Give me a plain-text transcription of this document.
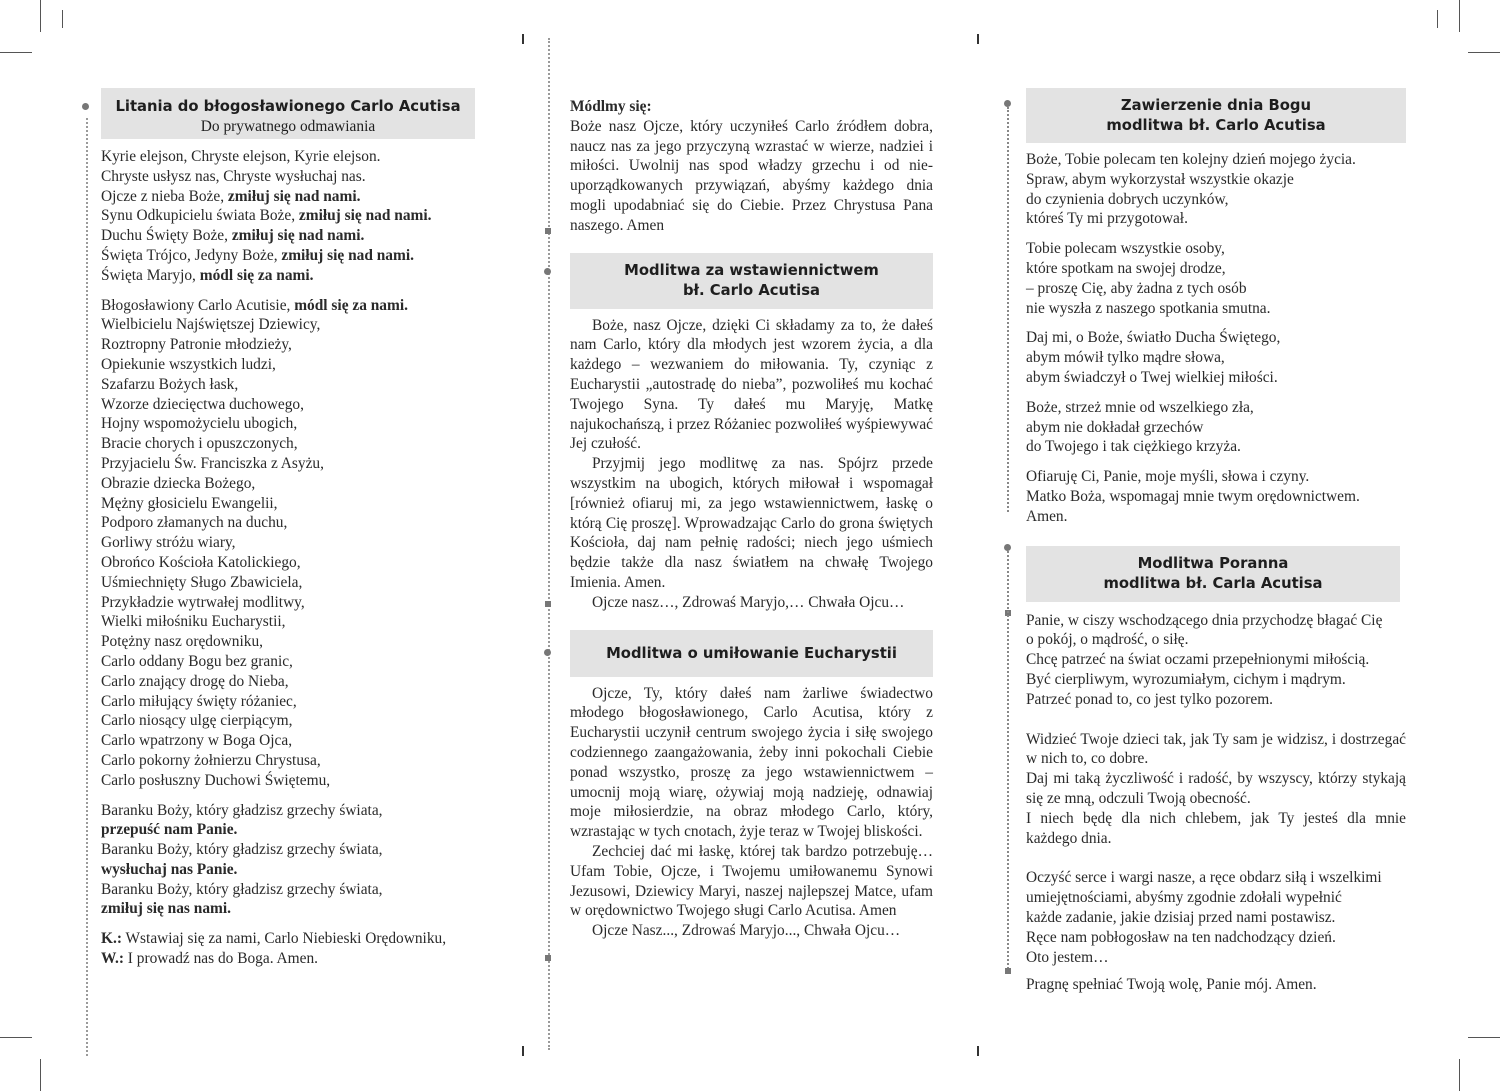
Litania do błogosławionego Carlo Acutisa
Do prywatnego odmawiania
Kyrie elejson, Chryste elejson, Kyrie elejson.
Chryste usłysz nas, Chryste wysłuchaj nas.
Ojcze z nieba Boże, zmiłuj się nad nami.
Synu Odkupicielu świata Boże, zmiłuj się nad nami.
Duchu Święty Boże, zmiłuj się nad nami.
Święta Trójco, Jedyny Boże, zmiłuj się nad nami.
Święta Maryjo, módl się za nami.
Błogosławiony Carlo Acutisie, módl się za nami.
Wielbicielu Najświętszej Dziewicy,
Roztropny Patronie młodzieży,
Opiekunie wszystkich ludzi,
Szafarzu Bożych łask,
Wzorze dziecięctwa duchowego,
Hojny wspomożycielu ubogich,
Bracie chorych i opuszczonych,
Przyjacielu Św. Franciszka z Asyżu,
Obrazie dziecka Bożego,
Mężny głosicielu Ewangelii,
Podporo złamanych na duchu,
Gorliwy stróżu wiary,
Obrońco Kościoła Katolickiego,
Uśmiechnięty Sługo Zbawiciela,
Przykładzie wytrwałej modlitwy,
Wielki miłośniku Eucharystii,
Potężny nasz orędowniku,
Carlo oddany Bogu bez granic,
Carlo znający drogę do Nieba,
Carlo miłujący święty różaniec,
Carlo niosący ulgę cierpiącym,
Carlo wpatrzony w Boga Ojca,
Carlo pokorny żołnierzu Chrystusa,
Carlo posłuszny Duchowi Świętemu,
Baranku Boży, który gładzisz grzechy świata,
przepuść nam Panie.
Baranku Boży, który gładzisz grzechy świata,
wysłuchaj nas Panie.
Baranku Boży, który gładzisz grzechy świata,
zmiłuj się nas nami.
K.: Wstawiaj się za nami, Carlo Niebieski Orędowniku,
W.: I prowadź nas do Boga. Amen.

Módlmy się:

Boże nasz Ojcze, który uczyniłeś Carlo źródłem dobra, naucz nas za jego przyczyną wzrastać w wierze, nadziei i miłości. Uwolnij nas spod władzy grzechu i od nie-uporządkowanych przywiązań, abyśmy każdego dnia mogli upodabniać się do Ciebie. Przez Chrystusa Pana naszego. Amen

Modlitwa za wstawiennictwem
bł. Carlo Acutisa

Boże, nasz Ojcze, dzięki Ci składamy za to, że dałeś nam Carlo, który dla młodych jest wzorem życia, a dla każdego – wezwaniem do miłowania. Ty, czyniąc z Eucharystii „autostradę do nieba”, pozwoliłeś mu kochać Twojego Syna. Ty dałeś mu Maryję, Matkę najukochańszą, i przez Różaniec pozwoliłeś wyśpiewywać Jej czułość.

Przyjmij jego modlitwę za nas. Spójrz przede wszystkim na ubogich, których miłował i wspomagał [również ofiaruj mi, za jego wstawiennictwem, łaskę o którą Cię proszę]. Wprowadzając Carlo do grona świętych Kościoła, daj nam pełnię radości; niech jego uśmiech będzie także dla nasz światłem na chwałę Twojego Imienia. Amen.

Ojcze nasz…, Zdrowaś Maryjo,… Chwała Ojcu…

Modlitwa o umiłowanie Eucharystii

Ojcze, Ty, który dałeś nam żarliwe świadectwo młodego błogosławionego, Carlo Acutisa, który z Eucharystii uczynił centrum swojego życia i siłę swojego codziennego zaangażowania, żeby inni pokochali Ciebie ponad wszystko, proszę za jego wstawiennictwem – umocnij moją wiarę, ożywiaj moją nadzieję, odnawiaj moje miłosierdzie, na obraz młodego Carlo, który, wzrastając w tych cnotach, żyje teraz w Twojej bliskości.

Zechciej dać mi łaskę, której tak bardzo potrzebuję… Ufam Tobie, Ojcze, i Twojemu umiłowanemu Synowi Jezusowi, Dziewicy Maryi, naszej najlepszej Matce, ufam w orędownictwo Twojego sługi Carlo Acutisa. Amen

Ojcze Nasz..., Zdrowaś Maryjo..., Chwała Ojcu…

Zawierzenie dnia Bogu
modlitwa bł. Carlo Acutisa
Boże, Tobie polecam ten kolejny dzień mojego życia.
Spraw, abym wykorzystał wszystkie okazje
do czynienia dobrych uczynków,
któreś Ty mi przygotował.
Tobie polecam wszystkie osoby,
które spotkam na swojej drodze,
– proszę Cię, aby żadna z tych osób
nie wyszła z naszego spotkania smutna.
Daj mi, o Boże, światło Ducha Świętego,
abym mówił tylko mądre słowa,
abym świadczył o Twej wielkiej miłości.
Boże, strzeż mnie od wszelkiego zła,
abym nie dokładał grzechów
do Twojego i tak ciężkiego krzyża.
Ofiaruję Ci, Panie, moje myśli, słowa i czyny.
Matko Boża, wspomagaj mnie twym orędownictwem.
Amen.
Modlitwa Poranna
modlitwa bł. Carla Acutisa
Panie, w ciszy wschodzącego dnia przychodzę błagać Cię
o pokój, o mądrość, o siłę.
Chcę patrzeć na świat oczami przepełnionymi miłością.
Być cierpliwym, wyrozumiałym, cichym i mądrym.
Patrzeć ponad to, co jest tylko pozorem.

Widzieć Twoje dzieci tak, jak Ty sam je widzisz, i dostrzegać w nich to, co dobre.

Daj mi taką życzliwość i radość, by wszyscy, którzy stykają się ze mną, odczuli Twoją obecność.

I niech będę dla nich chlebem, jak Ty jesteś dla mnie każdego dnia.

Oczyść serce i wargi nasze, a ręce obdarz siłą i wszelkimi
umiejętnościami, abyśmy zgodnie zdołali wypełnić
każde zadanie, jakie dzisiaj przed nami postawisz.
Ręce nam pobłogosław na ten nadchodzący dzień.
Oto jestem…

Pragnę spełniać Twoją wolę, Panie mój. Amen.
